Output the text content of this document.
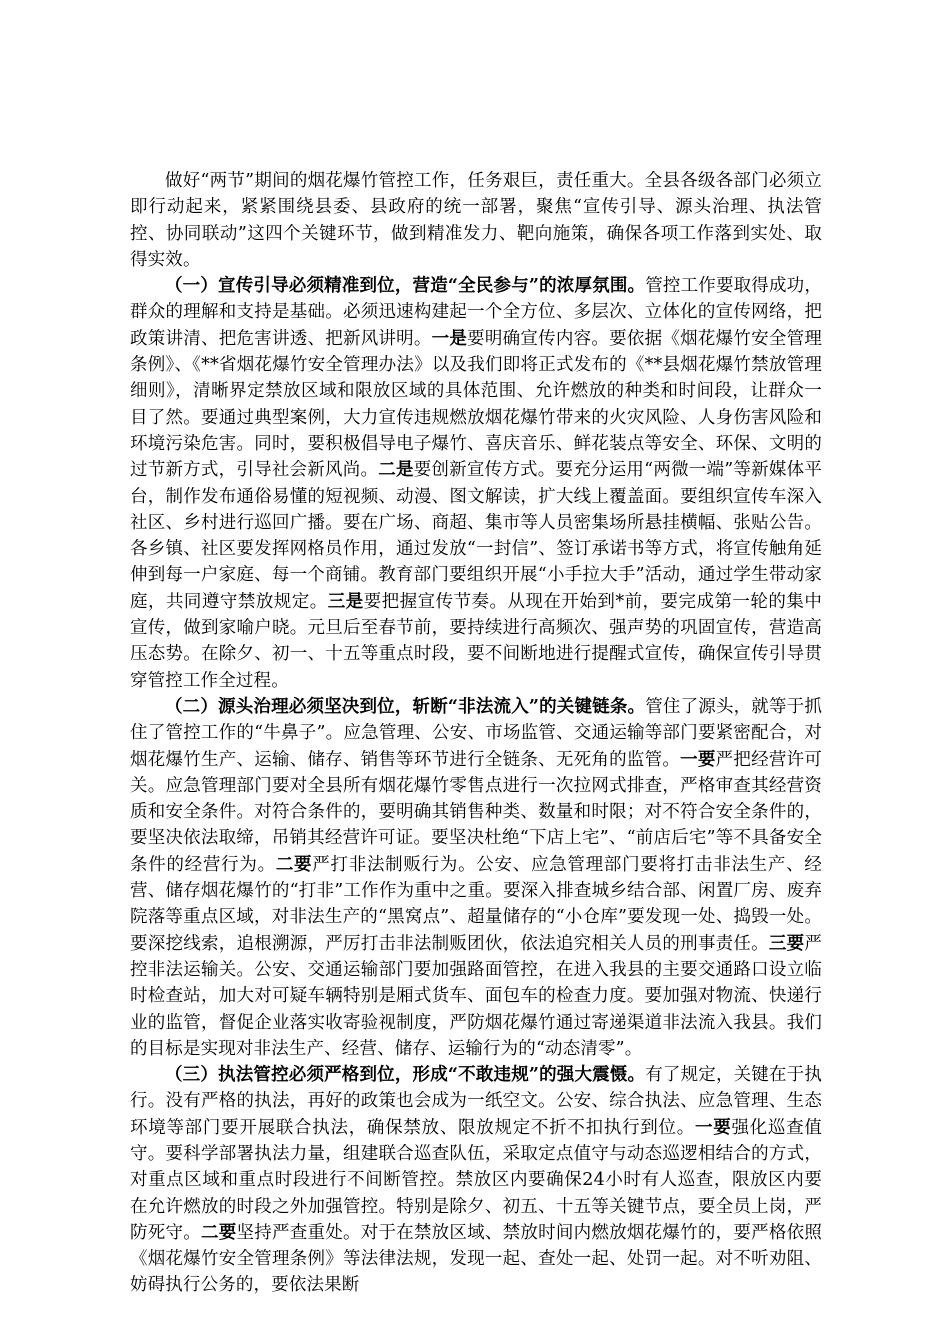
做好“两节”期间的烟花爆竹管控工作，任务艰巨，责任重大。全县各级各部门必须立即行动起来，紧紧围绕县委、县政府的统一部署，聚焦“宣传引导、源头治理、执法管控、协同联动”这四个关键环节，做到精准发力、靶向施策，确保各项工作落到实处、取得实效。

（一）宣传引导必须精准到位，营造“全民参与”的浓厚氛围。管控工作要取得成功，群众的理解和支持是基础。必须迅速构建起一个全方位、多层次、立体化的宣传网络，把政策讲清、把危害讲透、把新风讲明。一是要明确宣传内容。要依据《烟花爆竹安全管理条例》、《**省烟花爆竹安全管理办法》以及我们即将正式发布的《**县烟花爆竹禁放管理细则》，清晰界定禁放区域和限放区域的具体范围、允许燃放的种类和时间段，让群众一目了然。要通过典型案例，大力宣传违规燃放烟花爆竹带来的火灾风险、人身伤害风险和环境污染危害。同时，要积极倡导电子爆竹、喜庆音乐、鲜花装点等安全、环保、文明的过节新方式，引导社会新风尚。二是要创新宣传方式。要充分运用“两微一端”等新媒体平台，制作发布通俗易懂的短视频、动漫、图文解读，扩大线上覆盖面。要组织宣传车深入社区、乡村进行巡回广播。要在广场、商超、集市等人员密集场所悬挂横幅、张贴公告。各乡镇、社区要发挥网格员作用，通过发放“一封信”、签订承诺书等方式，将宣传触角延伸到每一户家庭、每一个商铺。教育部门要组织开展“小手拉大手”活动，通过学生带动家庭，共同遵守禁放规定。三是要把握宣传节奏。从现在开始到*前，要完成第一轮的集中宣传，做到家喻户晓。元旦后至春节前，要持续进行高频次、强声势的巩固宣传，营造高压态势。在除夕、初一、十五等重点时段，要不间断地进行提醒式宣传，确保宣传引导贯穿管控工作全过程。

（二）源头治理必须坚决到位，斩断“非法流入”的关键链条。管住了源头，就等于抓住了管控工作的“牛鼻子”。应急管理、公安、市场监管、交通运输等部门要紧密配合，对烟花爆竹生产、运输、储存、销售等环节进行全链条、无死角的监管。一要严把经营许可关。应急管理部门要对全县所有烟花爆竹零售点进行一次拉网式排查，严格审查其经营资质和安全条件。对符合条件的，要明确其销售种类、数量和时限；对不符合安全条件的，要坚决依法取缔，吊销其经营许可证。要坚决杜绝“下店上宅”、“前店后宅”等不具备安全条件的经营行为。二要严打非法制贩行为。公安、应急管理部门要将打击非法生产、经营、储存烟花爆竹的“打非”工作作为重中之重。要深入排查城乡结合部、闲置厂房、废弃院落等重点区域，对非法生产的“黑窝点”、超量储存的“小仓库”要发现一处、捣毁一处。要深挖线索，追根溯源，严厉打击非法制贩团伙，依法追究相关人员的刑事责任。三要严控非法运输关。公安、交通运输部门要加强路面管控，在进入我县的主要交通路口设立临时检查站，加大对可疑车辆特别是厢式货车、面包车的检查力度。要加强对物流、快递行业的监管，督促企业落实收寄验视制度，严防烟花爆竹通过寄递渠道非法流入我县。我们的目标是实现对非法生产、经营、储存、运输行为的“动态清零”。

（三）执法管控必须严格到位，形成“不敢违规”的强大震慑。有了规定，关键在于执行。没有严格的执法，再好的政策也会成为一纸空文。公安、综合执法、应急管理、生态环境等部门要开展联合执法，确保禁放、限放规定不折不扣执行到位。一要强化巡查值守。要科学部署执法力量，组建联合巡查队伍，采取定点值守与动态巡逻相结合的方式，对重点区域和重点时段进行不间断管控。禁放区内要确保24小时有人巡查，限放区内要在允许燃放的时段之外加强管控。特别是除夕、初五、十五等关键节点，要全员上岗，严防死守。二要坚持严查重处。对于在禁放区域、禁放时间内燃放烟花爆竹的，要严格依照《烟花爆竹安全管理条例》等法律法规，发现一起、查处一起、处罚一起。对不听劝阻、妨碍执行公务的，要依法果断
